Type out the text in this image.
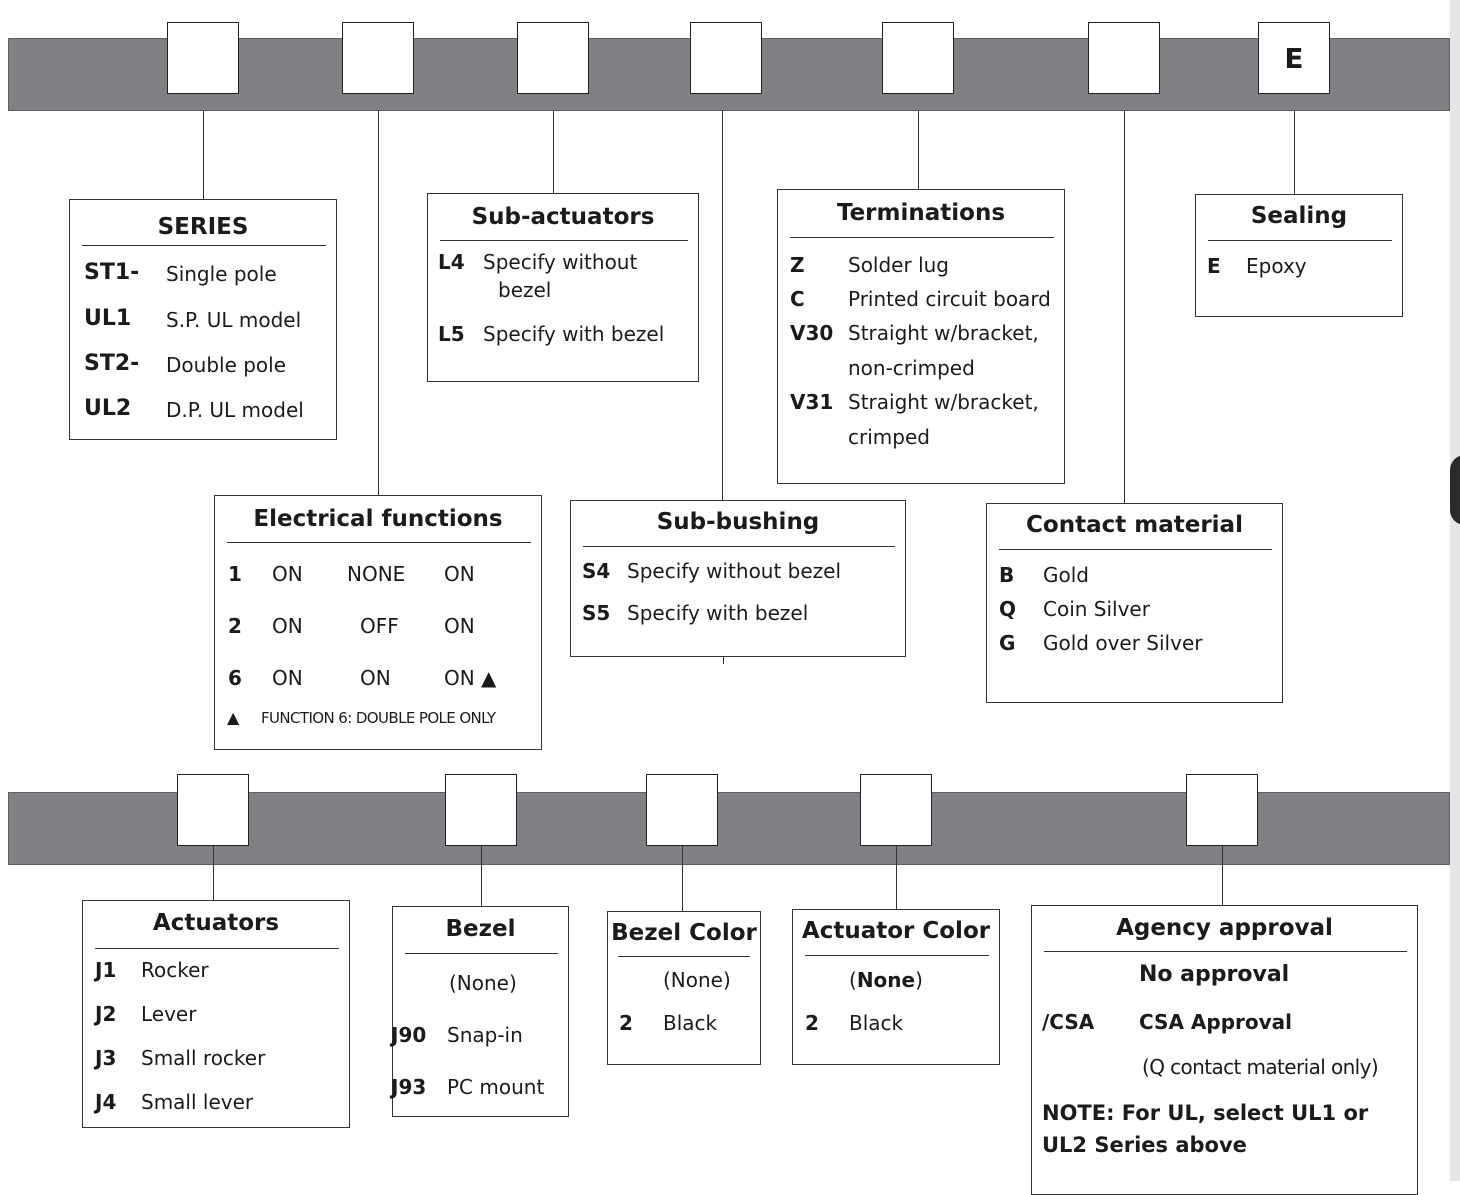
E
SERIES
ST1- Single pole
UL1 S.P. UL model
ST2- Double pole
UL2 D.P. UL model
Electrical functions
1 ON NONE ON
2 ON	OFF ON
6 ON	ON	ON ▲
▲ FUNCTION 6: DOUBLE POLE ONLY
Sub-actuators
L4 Specify without
bezel
L5 Specify with bezel
Sub-bushing
S4 Specify without bezel
S5 Specify with bezel
Terminations
Z Solder lug
C Printed circuit board
V30 Straight w/bracket,
non-crimped
V31 Straight w/bracket,
crimped
Contact material
B Gold
Q Coin Silver
G Gold over Silver
Sealing
E Epoxy
Actuators
J1 Rocker
J2 Lever
J3 Small rocker
J4 Small lever
Bezel
(None)
J90 Snap-in
J93 PC mount
Bezel Color
(None)
2 Black
Actuator Color
(None)
2 Black
Agency approval
No approval
/CSA CSA Approval
(Q contact material only)
NOTE: For UL, select UL1 or
UL2 Series above
